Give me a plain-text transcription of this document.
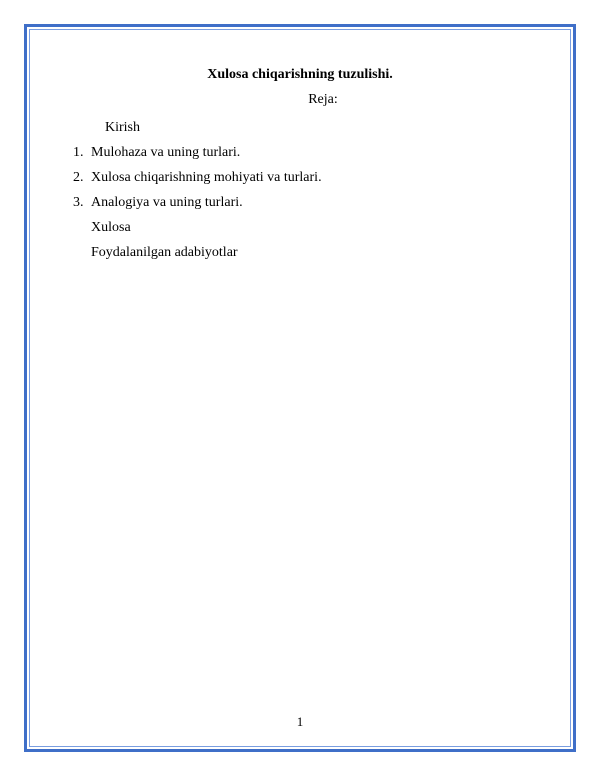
Xulosa chiqarishning tuzulishi.
Reja:
Kirish
1. Mulohaza va uning turlari.
2. Xulosa chiqarishning mohiyati va turlari.
3. Analogiya va uning turlari.
Xulosa
Foydalanilgan adabiyotlar
1
